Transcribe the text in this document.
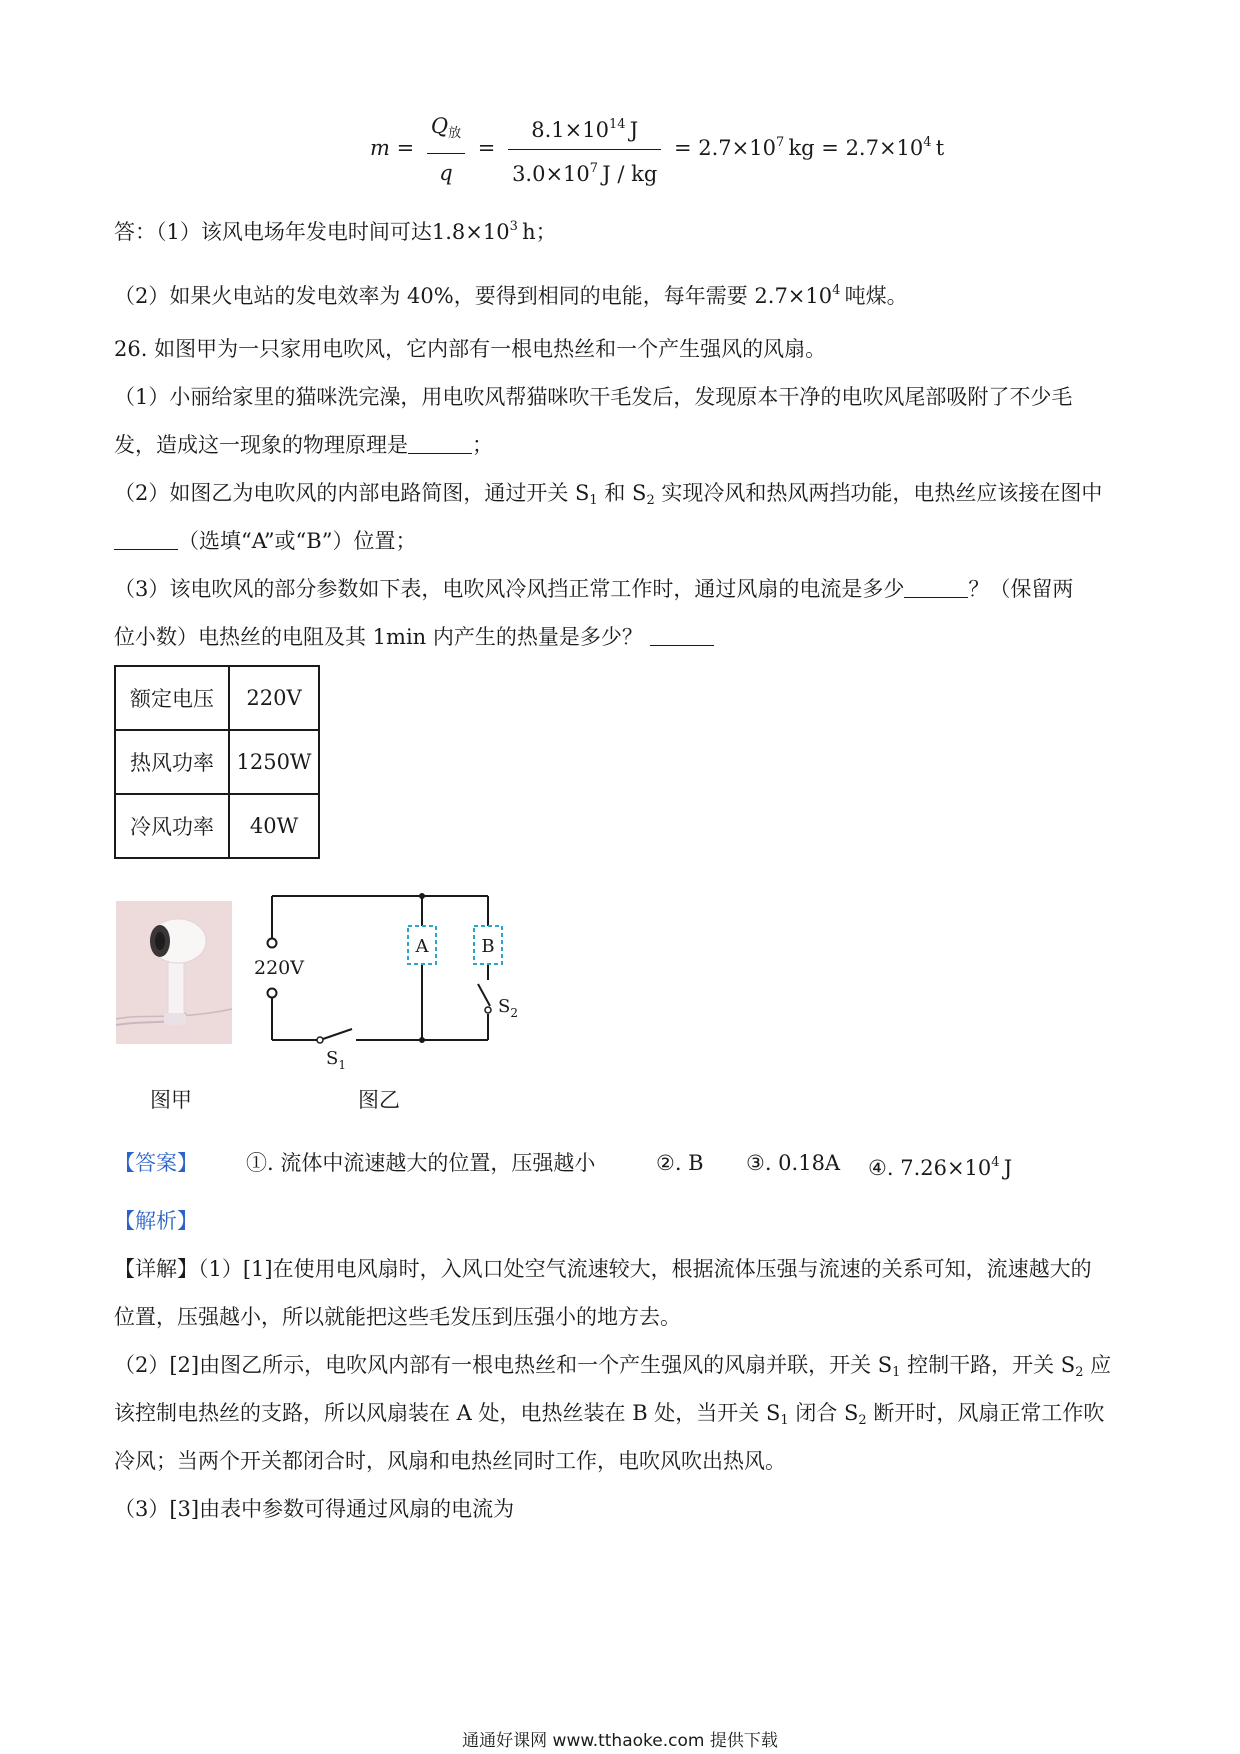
$m = \frac{Q_放}{q} = \frac{8.1\times 10^{14} J}{3.0\times 10^7 J / kg} = 2.7\times 10^7$  kg = $2.7\times 10^4$  t
答：（1）该风电场年发电时间可达$1.8\times 10^3$  h；
（2）如果火电站的发电效率为 40%，要得到相同的电能，每年需要 $2.7\times 10^4$  吨煤。
26. 如图甲为一只家用电吹风，它内部有一根电热丝和一个产生强风的风扇。
（1）小丽给家里的猫咪洗完澡，用电吹风帮猫咪吹干毛发后，发现原本干净的电吹风尾部吸附了不少毛
发，造成这一现象的物理原理是	；
（2）如图乙为电吹风的内部电路简图，通过开关 $S_1$ 和 $S_2$ 实现冷风和热风两挡功能，电热丝应该接在图中
（选填“A”或“B”）位置；
（3）该电吹风的部分参数如下表，电吹风冷风挡正常工作时，通过风扇的电流是多少	？（保留两
位小数）电热丝的电阻及其 1min 内产生的热量是多少？
额定电压	220V
热风功率	1250W
冷风功率	40W
A	B
220V
$S_1$
$S_2$
图甲	图乙
【答案】 ①. 流体中流速越大的位置，压强越小	②. B ③. 0.18A ④. $7.26\times 10^4$  J
【解析】
【详解】（1）[1]在使用电风扇时，入风口处空气流速较大，根据流体压强与流速的关系可知，流速越大的
位置，压强越小，所以就能把这些毛发压到压强小的地方去。
（2）[2]由图乙所示，电吹风内部有一根电热丝和一个产生强风的风扇并联，开关 $S_1$ 控制干路，开关 $S_2$ 应
该控制电热丝的支路，所以风扇装在 A 处，电热丝装在 B 处，当开关 $S_1$ 闭合 $S_2$ 断开时，风扇正常工作吹
冷风；当两个开关都闭合时，风扇和电热丝同时工作，电吹风吹出热风。
（3）[3]由表中参数可得通过风扇的电流为
通通好课网 www.tthaoke.com 提供下载
